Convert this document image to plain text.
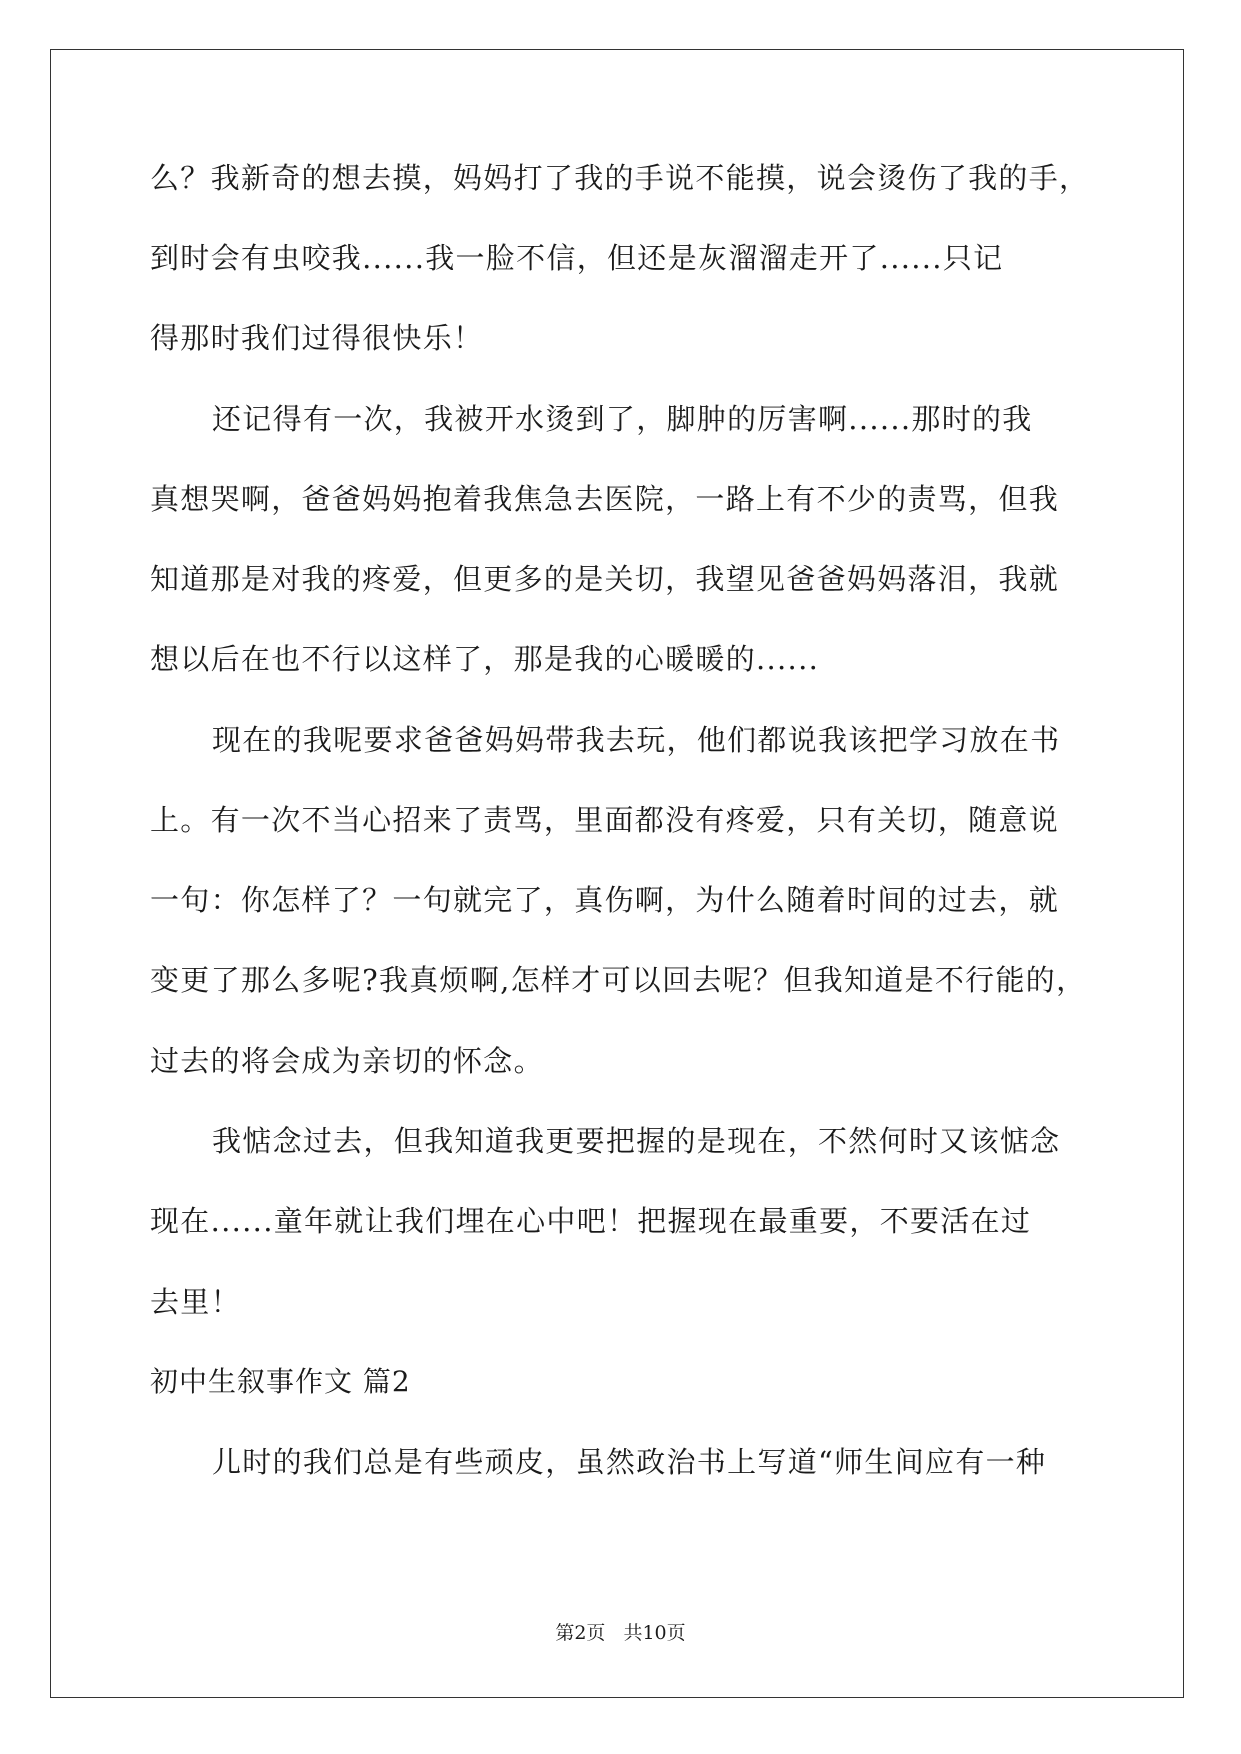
么？我新奇的想去摸，妈妈打了我的手说不能摸，说会烫伤了我的手，
到时会有虫咬我......我一脸不信，但还是灰溜溜走开了......只记
得那时我们过得很快乐！
还记得有一次，我被开水烫到了，脚肿的厉害啊......那时的我
真想哭啊，爸爸妈妈抱着我焦急去医院，一路上有不少的责骂，但我
知道那是对我的疼爱，但更多的是关切，我望见爸爸妈妈落泪，我就
想以后在也不行以这样了，那是我的心暖暖的......
现在的我呢要求爸爸妈妈带我去玩，他们都说我该把学习放在书
上。有一次不当心招来了责骂，里面都没有疼爱，只有关切，随意说
一句：你怎样了？一句就完了，真伤啊，为什么随着时间的过去，就
变更了那么多呢?我真烦啊,怎样才可以回去呢？但我知道是不行能的，
过去的将会成为亲切的怀念。
我惦念过去，但我知道我更要把握的是现在，不然何时又该惦念
现在......童年就让我们埋在心中吧！把握现在最重要，不要活在过
去里！
初中生叙事作文 篇2
儿时的我们总是有些顽皮，虽然政治书上写道“师生间应有一种
第2页 共10页
